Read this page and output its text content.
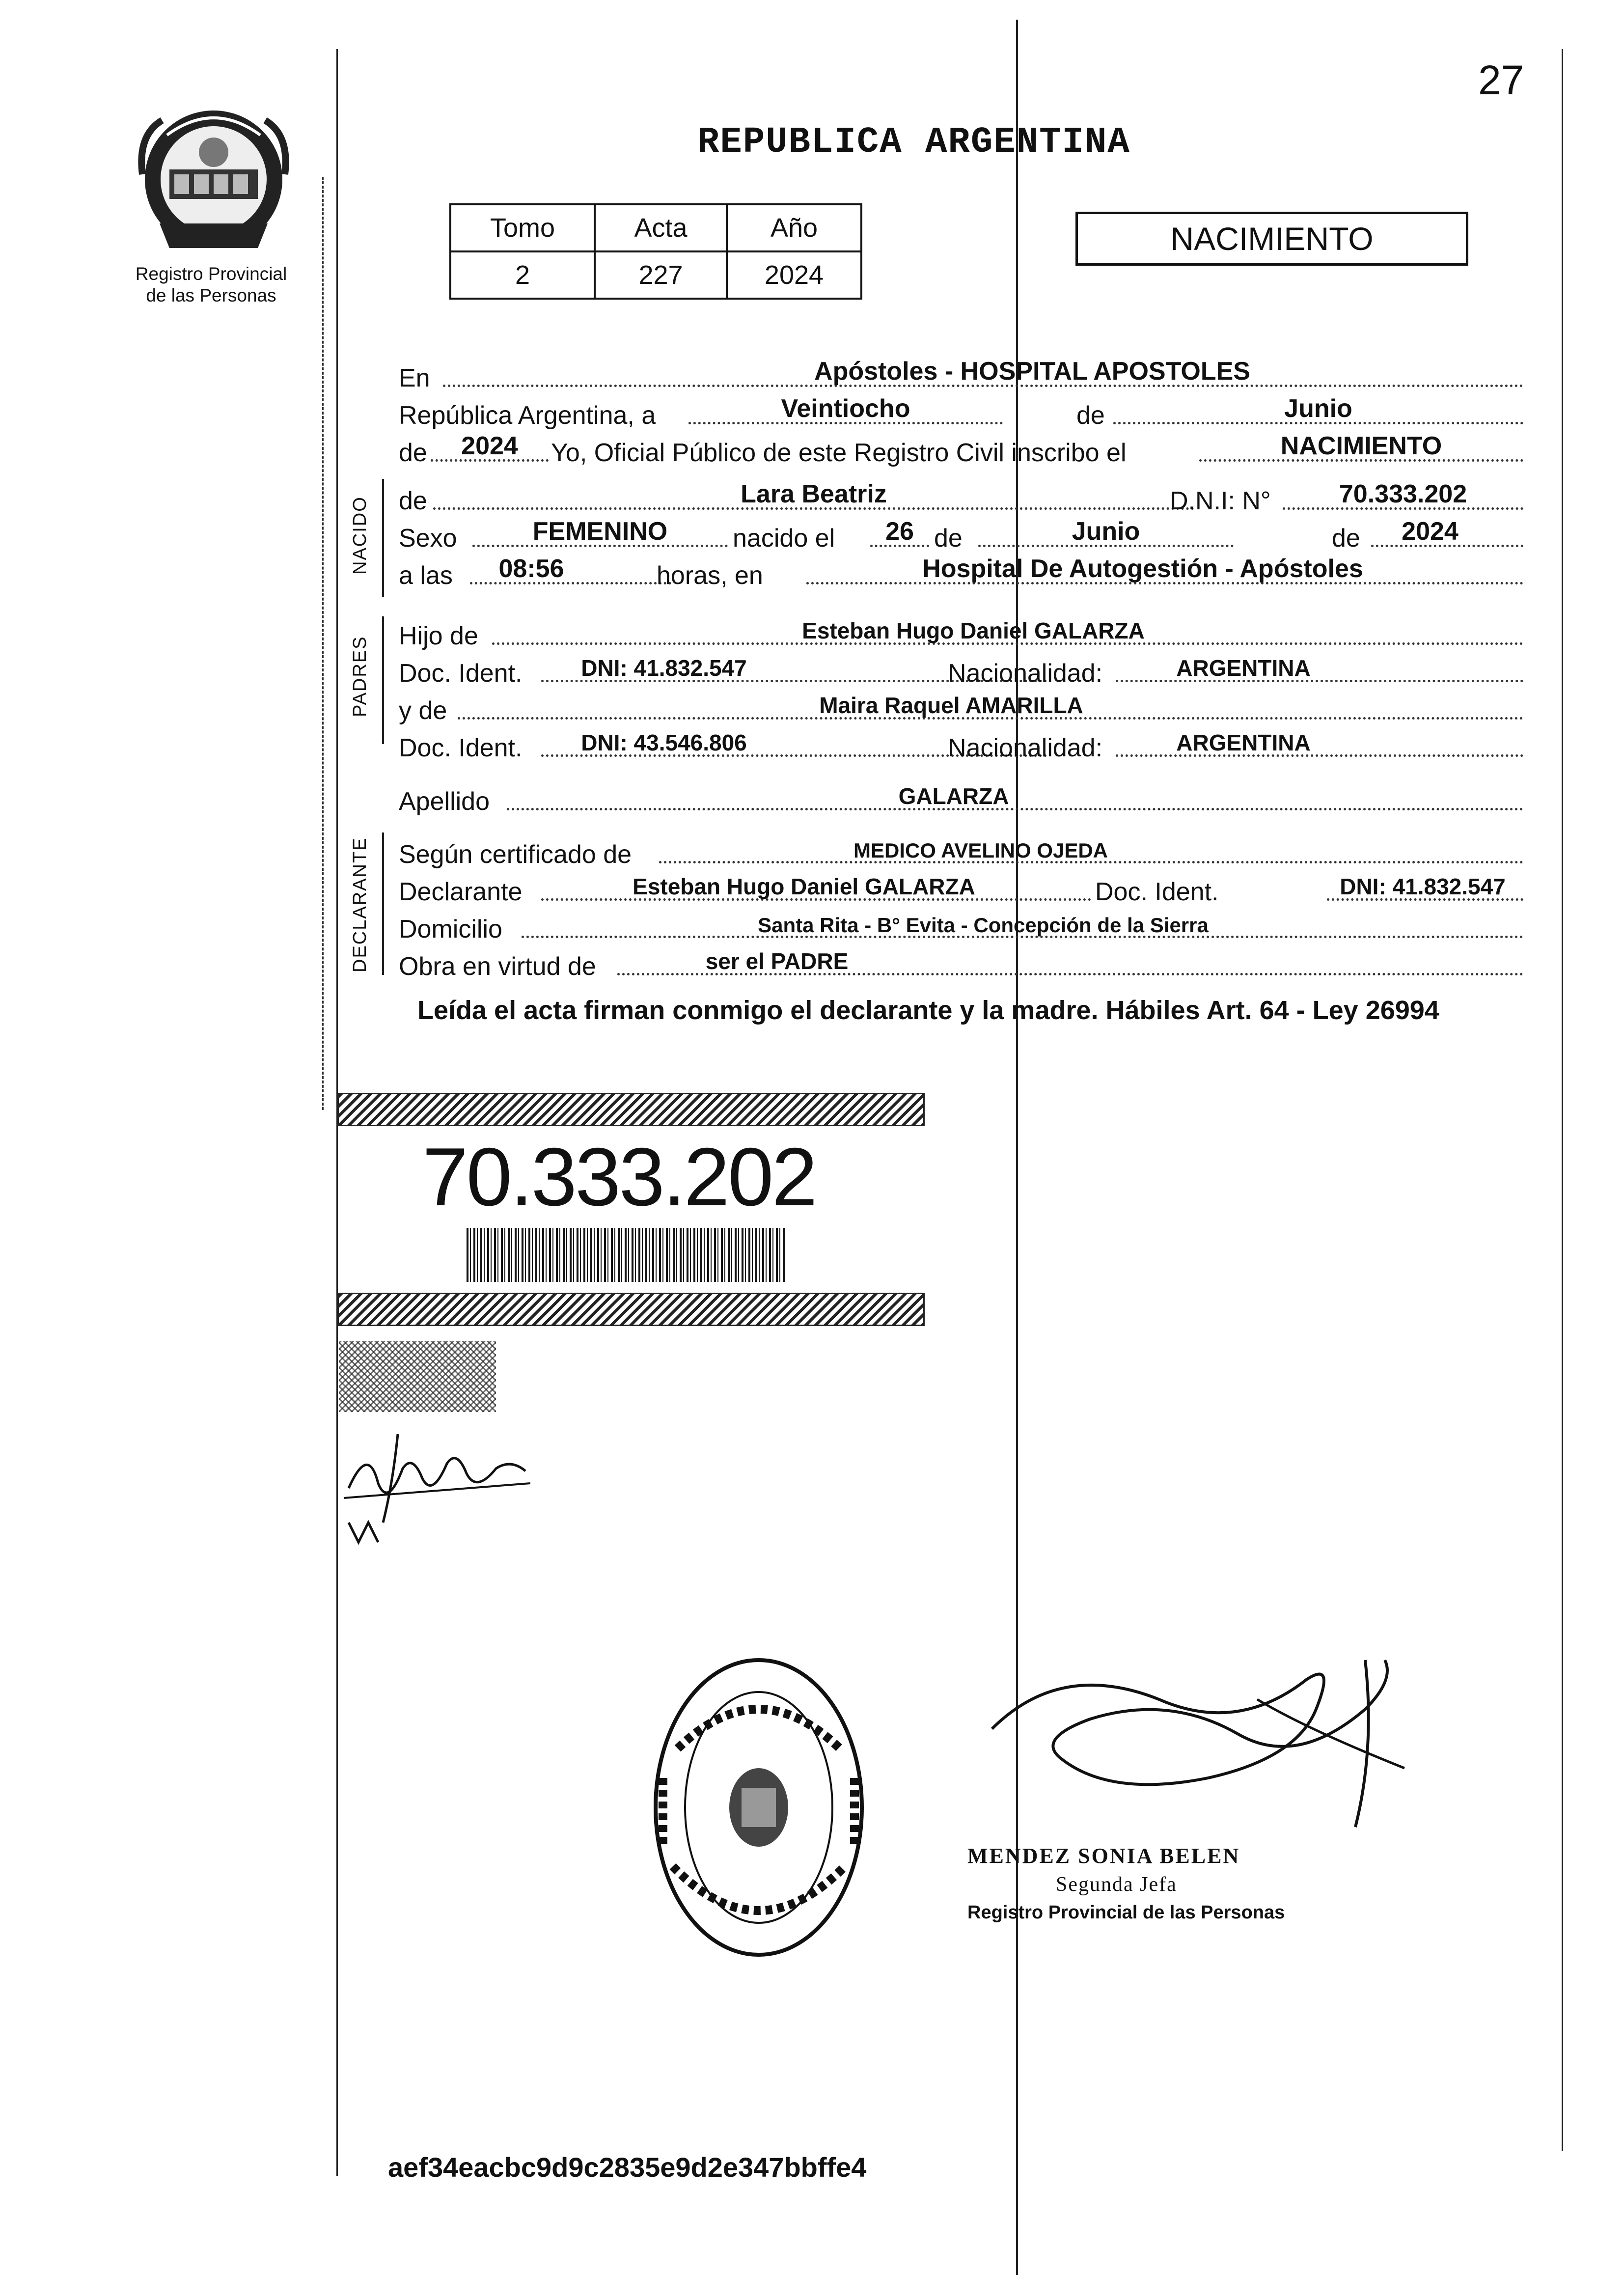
27
Registro Provincial
de las Personas
REPUBLICA ARGENTINA
Tomo	Acta	Año
2	227	2024
NACIMIENTO
En	Apóstoles - HOSPITAL APOSTOLES
República Argentina, a	Veintiocho	de	Junio
de	2024	Yo, Oficial Público de este Registro Civil inscribo el	NACIMIENTO
NACIDO de	Lara Beatriz	D.N.I: N°	70.333.202
Sexo	FEMENINO	nacido el	26 de	Junio	de	2024
a las	08:56	horas, en	Hospital De Autogestión - Apóstoles
PADRES Hijo de	Esteban Hugo Daniel GALARZA
Doc. Ident.	DNI: 41.832.547	Nacionalidad:	ARGENTINA
y de	Maira Raquel AMARILLA
Doc. Ident.	DNI: 43.546.806	Nacionalidad:	ARGENTINA
Apellido	GALARZA
DECLARANTE Según certificado de	MEDICO AVELINO OJEDA
Declarante	Esteban Hugo Daniel GALARZA	Doc. Ident.	DNI: 41.832.547
Domicilio	Santa Rita - B° Evita - Concepción de la Sierra
Obra en virtud de	ser el PADRE
Leída el acta firman conmigo el declarante y la madre. Hábiles Art. 64 - Ley 26994
70.333.202
MENDEZ SONIA BELEN
Segunda Jefa
Registro Provincial de las Personas
aef34eacbc9d9c2835e9d2e347bbffe4
